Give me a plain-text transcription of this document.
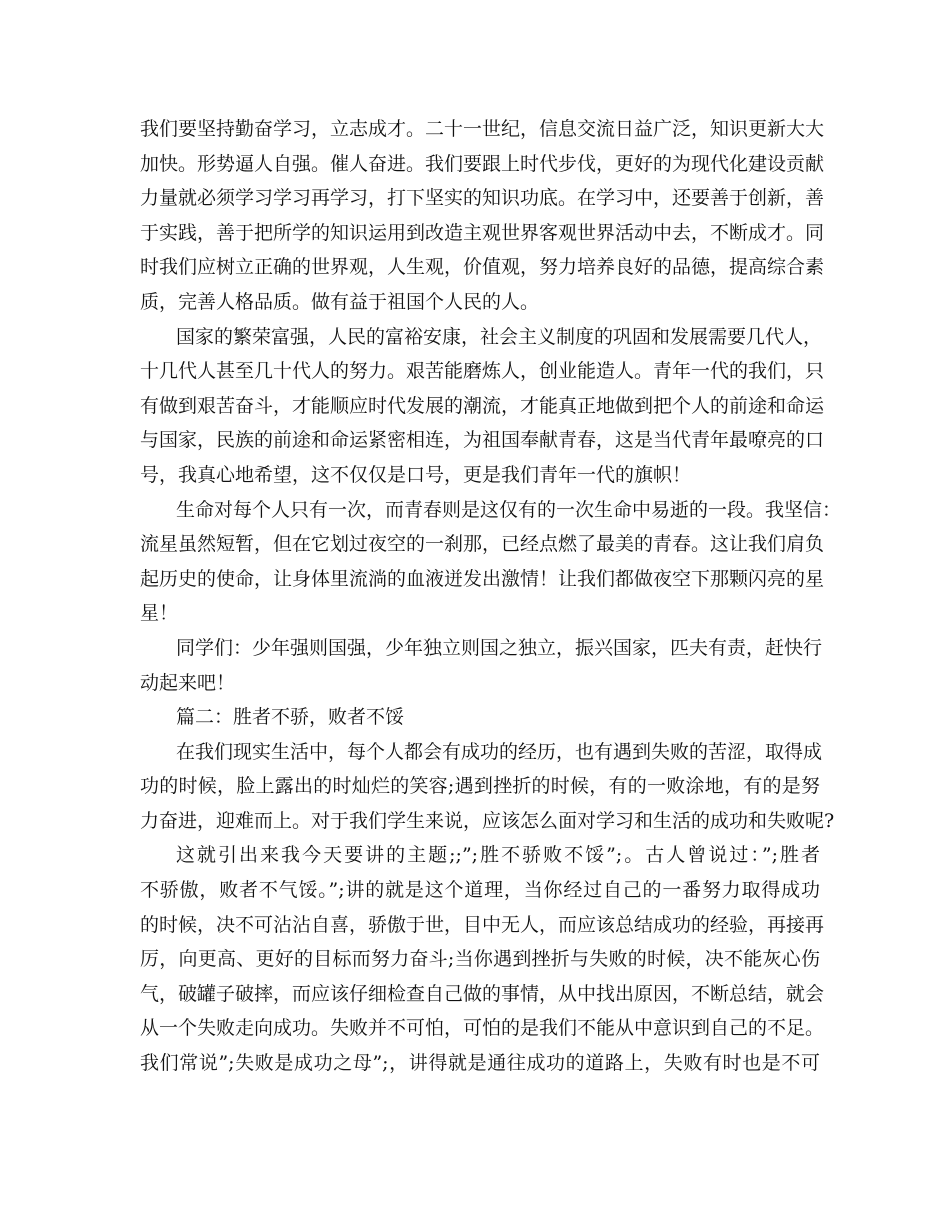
我们要坚持勤奋学习，立志成才。二十一世纪，信息交流日益广泛，知识更新大大
加快。形势逼人自强。催人奋进。我们要跟上时代步伐，更好的为现代化建设贡献
力量就必须学习学习再学习，打下坚实的知识功底。在学习中，还要善于创新，善
于实践，善于把所学的知识运用到改造主观世界客观世界活动中去，不断成才。同
时我们应树立正确的世界观，人生观，价值观，努力培养良好的品德，提高综合素
质，完善人格品质。做有益于祖国个人民的人。
国家的繁荣富强，人民的富裕安康，社会主义制度的巩固和发展需要几代人，
十几代人甚至几十代人的努力。艰苦能磨炼人，创业能造人。青年一代的我们，只
有做到艰苦奋斗，才能顺应时代发展的潮流，才能真正地做到把个人的前途和命运
与国家，民族的前途和命运紧密相连，为祖国奉献青春，这是当代青年最嘹亮的口
号，我真心地希望，这不仅仅是口号，更是我们青年一代的旗帜！
生命对每个人只有一次，而青春则是这仅有的一次生命中易逝的一段。我坚信：
流星虽然短暂，但在它划过夜空的一刹那，已经点燃了最美的青春。这让我们肩负
起历史的使命，让身体里流淌的血液迸发出激情！让我们都做夜空下那颗闪亮的星
星！
同学们：少年强则国强，少年独立则国之独立，振兴国家，匹夫有责，赶快行
动起来吧！
篇二：胜者不骄，败者不馁
在我们现实生活中，每个人都会有成功的经历，也有遇到失败的苦涩，取得成
功的时候，脸上露出的时灿烂的笑容;遇到挫折的时候，有的一败涂地，有的是努
力奋进，迎难而上。对于我们学生来说，应该怎么面对学习和生活的成功和失败呢?
这就引出来我今天要讲的主题;;”;胜不骄败不馁”;。古人曾说过：”;胜者
不骄傲，败者不气馁。”;讲的就是这个道理，当你经过自己的一番努力取得成功
的时候，决不可沾沾自喜，骄傲于世，目中无人，而应该总结成功的经验，再接再
厉，向更高、更好的目标而努力奋斗;当你遇到挫折与失败的时候，决不能灰心伤
气，破罐子破摔，而应该仔细检查自己做的事情，从中找出原因，不断总结，就会
从一个失败走向成功。失败并不可怕，可怕的是我们不能从中意识到自己的不足。
我们常说”;失败是成功之母”;，讲得就是通往成功的道路上，失败有时也是不可
